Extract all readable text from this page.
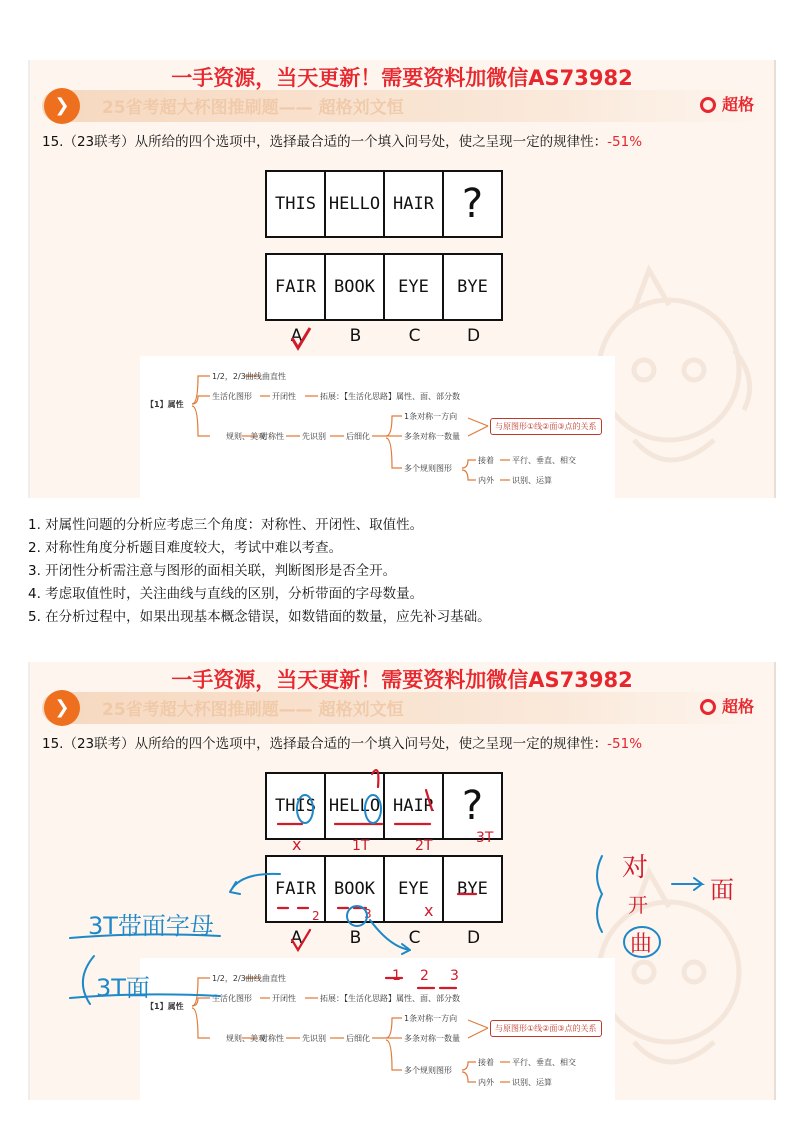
一手资源，当天更新！需要资料加微信AS73982
❯	25省考超大杯图推刷题—— 超格刘文恒	超格
15.（23联考）从所给的四个选项中，选择最合适的一个填入问号处，使之呈现一定的规律性：-51%
THIS HELLO HAIR ?
FAIR	BOOK	EYE	BYE
A	B	C	D
【1】属性
1/2，2/3曲线 曲直性
生活化图形	开闭性	拓展：【生活化思路】属性、面、部分数
规则、美观
对称性 先识别	后细化
1条对称一方向
多条对称一数量
多个规则图形
与原图形①线②面③点的关系
接着 平行、垂直、相交
内外 识别、运算
1. 对属性问题的分析应考虑三个角度：对称性、开闭性、取值性。
2. 对称性角度分析题目难度较大，考试中难以考查。
3. 开闭性分析需注意与图形的面相关联，判断图形是否全开。
4. 考虑取值性时，关注曲线与直线的区别，分析带面的字母数量。
5. 在分析过程中，如果出现基本概念错误，如数错面的数量，应先补习基础。
一手资源，当天更新！需要资料加微信AS73982
❯	25省考超大杯图推刷题—— 超格刘文恒	超格
15.（23联考）从所给的四个选项中，选择最合适的一个填入问号处，使之呈现一定的规律性：-51%
THIS HELLO HAIR ?
FAIR	BOOK	EYE	BYE
A	B	C	D
【1】属性
1/2，2/3曲线 曲直性
生活化图形	开闭性	拓展：【生活化思路】属性、面、部分数
规则、美观
对称性 先识别	后细化
1条对称一方向
多条对称一数量
多个规则图形
与原图形①线②面③点的关系
接着 平行、垂直、相交
内外 识别、运算
x
x
1T	2T	3T
2	3
1 2 3
3T带面字母
3T面
对
开
面
曲
